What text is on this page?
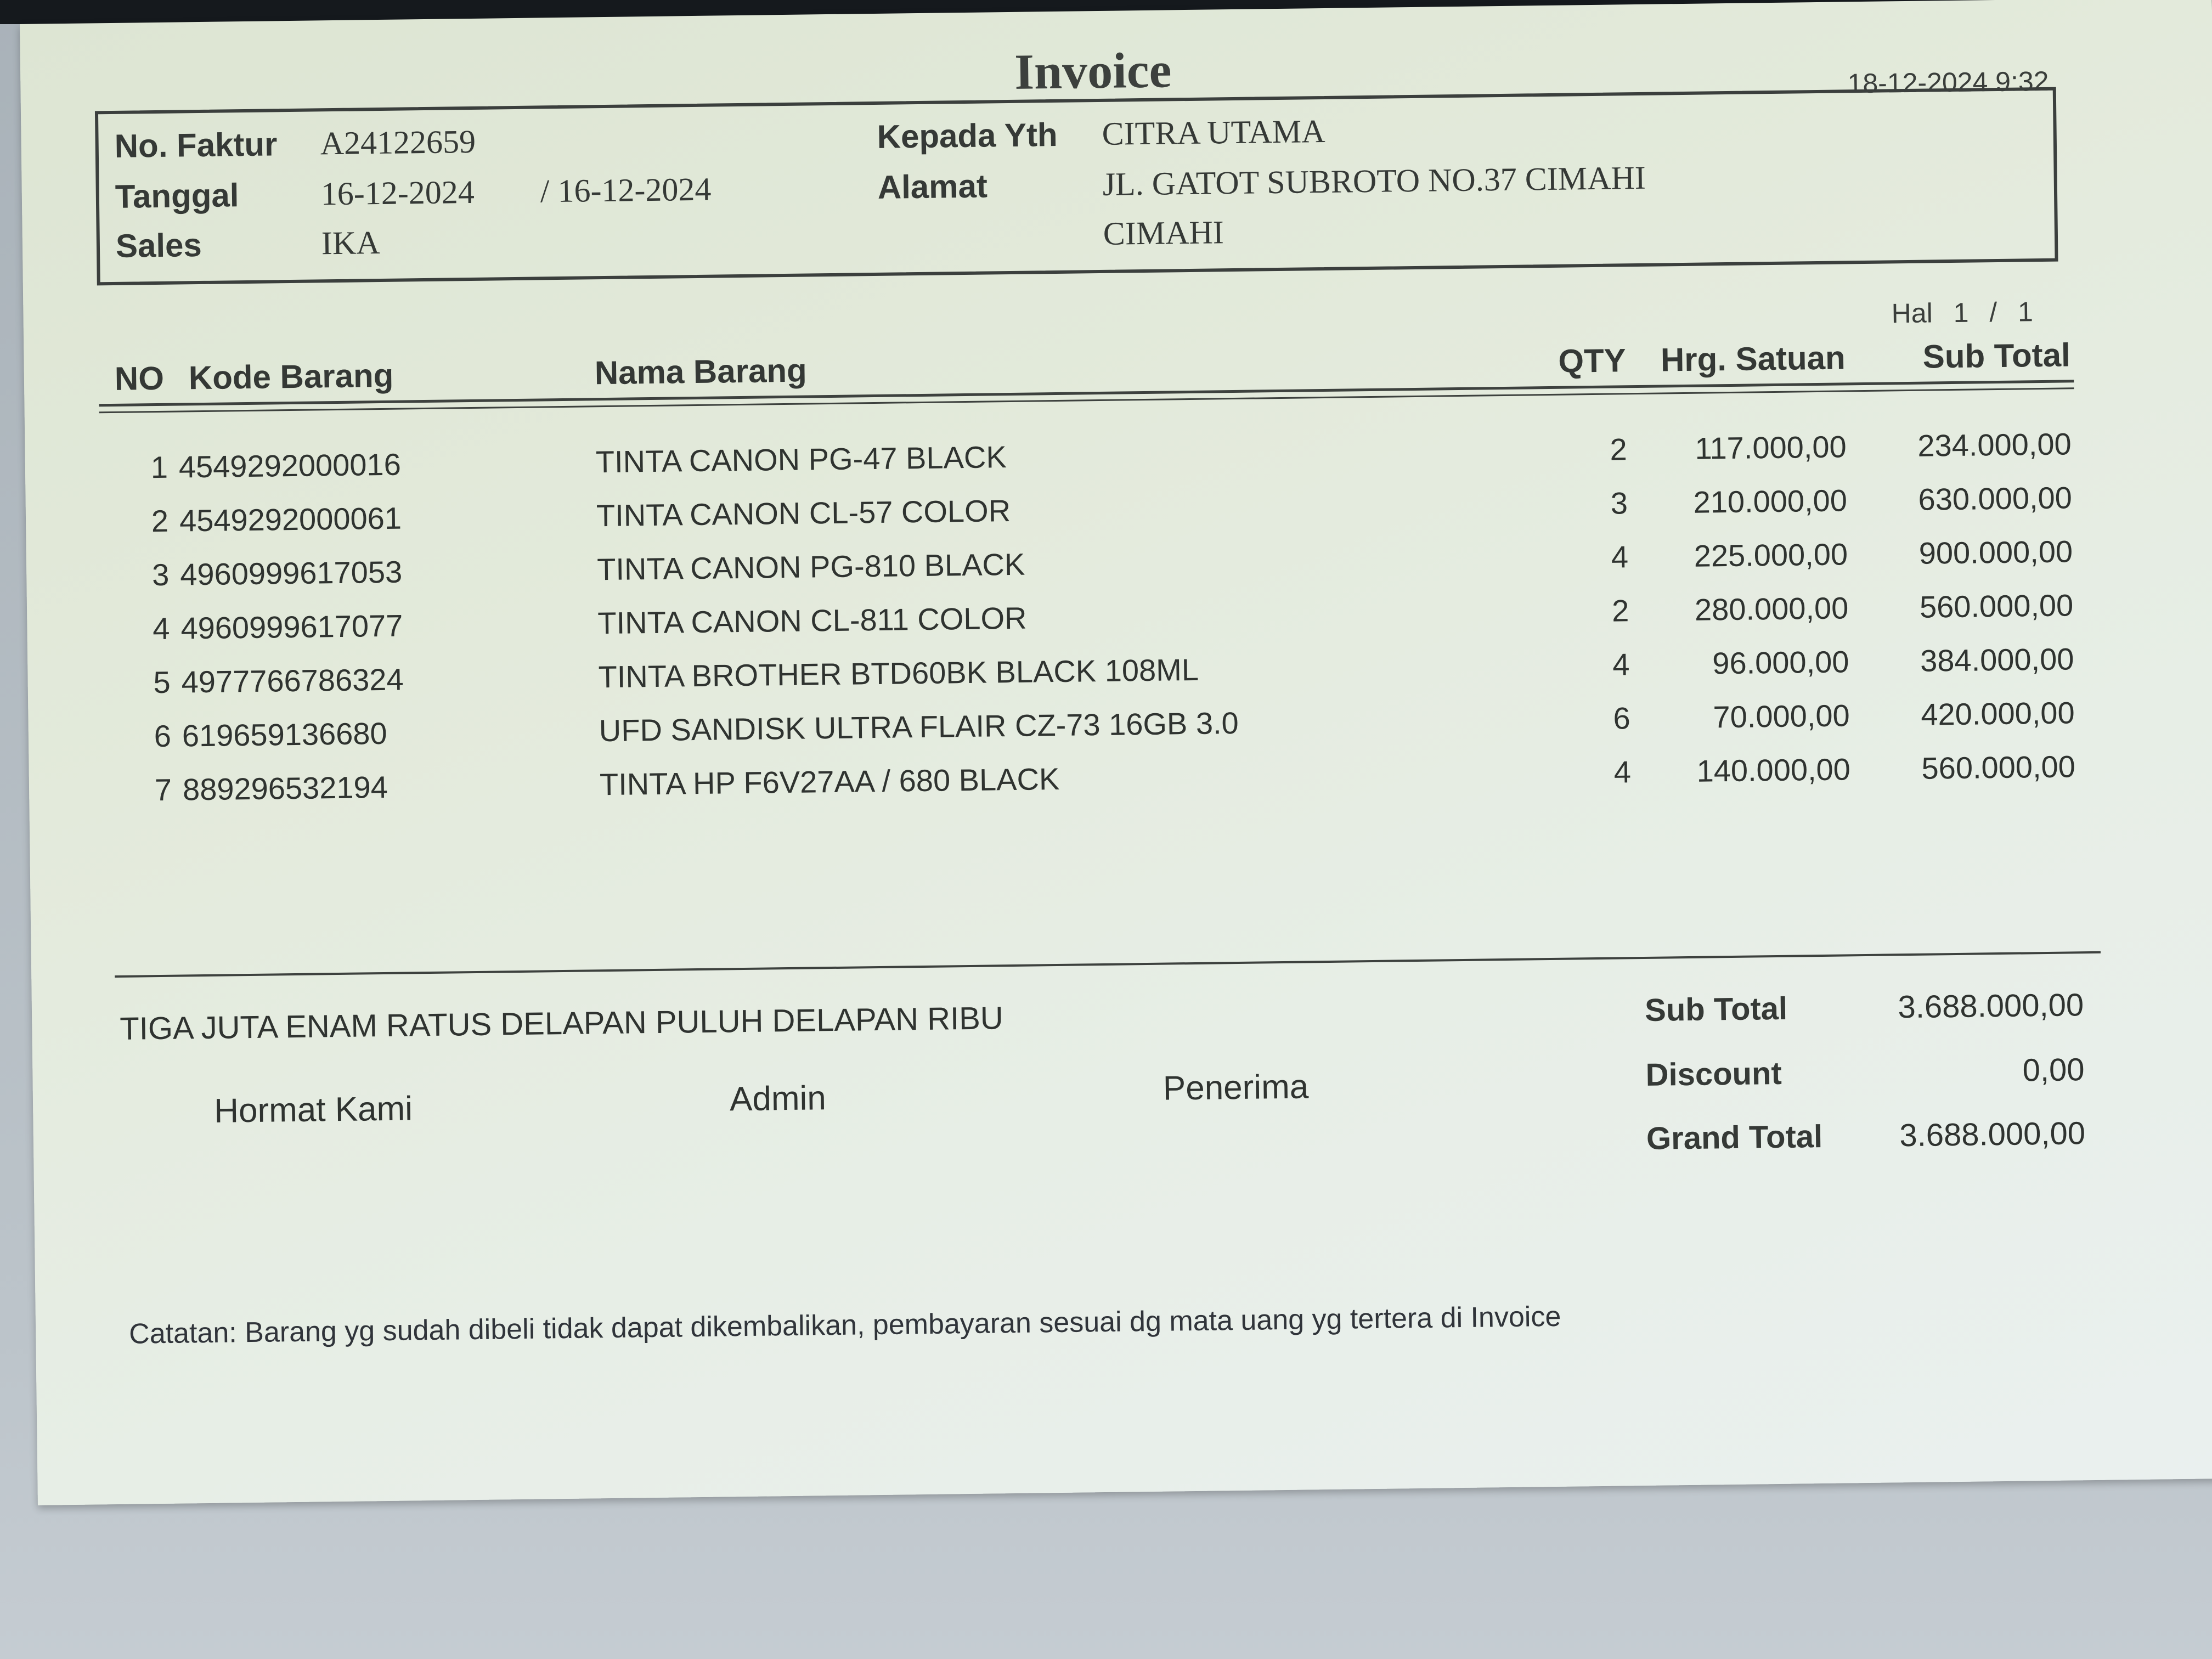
Invoice	18-12-2024 9:32
No. Faktur A24122659
Tanggal 16-12-2024 / 16-12-2024
Sales	IKA
Kepada Yth CITRA UTAMA
Alamat	JL. GATOT SUBROTO NO.37 CIMAHI
CIMAHI
Hal 1 / 1
NO Kode Barang	Nama Barang	QTY	Hrg. Satuan	Sub Total
1 4549292000016	TINTA CANON PG-47 BLACK	2	117.000,00	234.000,00
2 4549292000061	TINTA CANON CL-57 COLOR	3	210.000,00	630.000,00
3 4960999617053	TINTA CANON PG-810 BLACK	4	225.000,00	900.000,00
4 4960999617077	TINTA CANON CL-811 COLOR	2	280.000,00	560.000,00
5 4977766786324	TINTA BROTHER BTD60BK BLACK 108ML	4	96.000,00	384.000,00
6 619659136680	UFD SANDISK ULTRA FLAIR CZ-73 16GB 3.0	6	70.000,00	420.000,00
7 889296532194	TINTA HP F6V27AA / 680 BLACK	4	140.000,00	560.000,00
TIGA JUTA ENAM RATUS DELAPAN PULUH DELAPAN RIBU
Hormat Kami	Admin	Penerima
Sub Total	3.688.000,00
Discount	0,00
Grand Total	3.688.000,00
Catatan: Barang yg sudah dibeli tidak dapat dikembalikan, pembayaran sesuai dg mata uang yg tertera di Invoice
